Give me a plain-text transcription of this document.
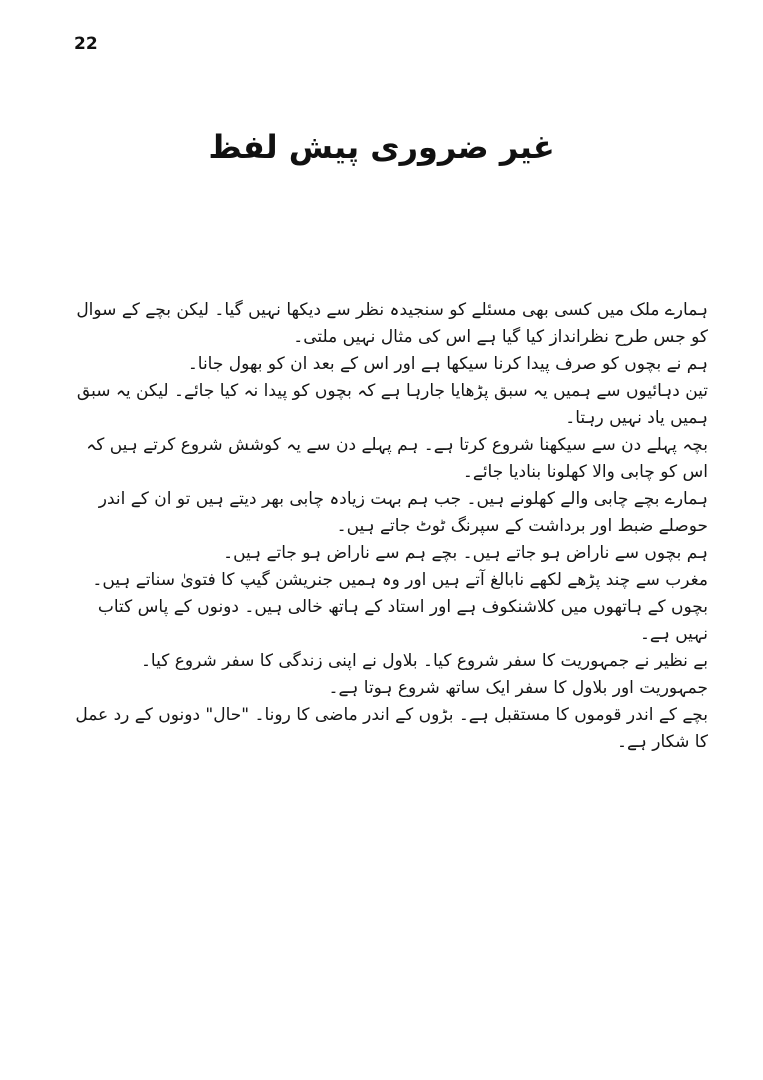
22
غیر ضروری پیش لفظ

ہمارے ملک میں کسی بھی مسئلے کو سنجیدہ نظر سے دیکھا نہیں گیا۔ لیکن بچے کے سوال کو جس طرح نظرانداز کیا گیا ہے اس کی مثال نہیں ملتی۔

ہم نے بچوں کو صرف پیدا کرنا سیکھا ہے اور اس کے بعد ان کو بھول جانا۔

تین دہائیوں سے ہمیں یہ سبق پڑھایا جارہا ہے کہ بچوں کو پیدا نہ کیا جائے۔ لیکن یہ سبق ہمیں یاد نہیں رہتا۔

بچہ پہلے دن سے سیکھنا شروع کرتا ہے۔ ہم پہلے دن سے یہ کوشش شروع کرتے ہیں کہ اس کو چابی والا کھلونا بنادیا جائے۔

ہمارے بچے چابی والے کھلونے ہیں۔ جب ہم بہت زیادہ چابی بھر دیتے ہیں تو ان کے اندر حوصلے ضبط اور برداشت کے سپرنگ ٹوٹ جاتے ہیں۔

ہم بچوں سے ناراض ہو جاتے ہیں۔ بچے ہم سے ناراض ہو جاتے ہیں۔

مغرب سے چند پڑھے لکھے نابالغ آتے ہیں اور وہ ہمیں جنریشن گیپ کا فتویٰ سناتے ہیں۔

بچوں کے ہاتھوں میں کلاشنکوف ہے اور استاد کے ہاتھ خالی ہیں۔ دونوں کے پاس کتاب نہیں ہے۔

بے نظیر نے جمہوریت کا سفر شروع کیا۔ بلاول نے اپنی زندگی کا سفر شروع کیا۔

جمہوریت اور بلاول کا سفر ایک ساتھ شروع ہوتا ہے۔

بچے کے اندر قوموں کا مستقبل ہے۔ بڑوں کے اندر ماضی کا رونا۔ "حال" دونوں کے رد عمل کا شکار ہے۔
